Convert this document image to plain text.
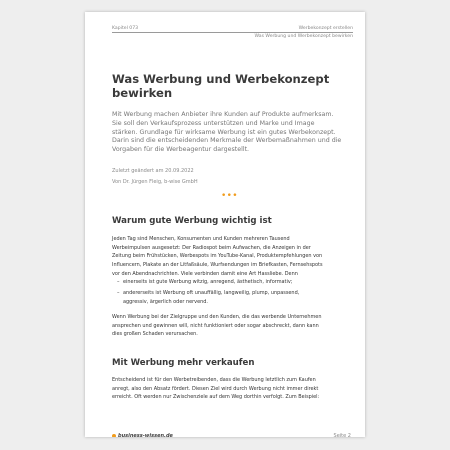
Kapitel 073	Werbekonzept erstellen
Was Werbung und Werbekonzept bewirken
Was Werbung und Werbekonzept
bewirken
Mit Werbung machen Anbieter ihre Kunden auf Produkte aufmerksam.
Sie soll den Verkaufsprozess unterstützen und Marke und Image
stärken. Grundlage für wirksame Werbung ist ein gutes Werbekonzept.
Darin sind die entscheidenden Merkmale der Werbemaßnahmen und die
Vorgaben für die Werbeagentur dargestellt.
Zuletzt geändert am 20.09.2022
Von Dr. Jürgen Fleig, b-wise GmbH
•••
Warum gute Werbung wichtig ist
Jeden Tag sind Menschen, Konsumenten und Kunden mehreren Tausend
Werbeimpulsen ausgesetzt: Der Radiospot beim Aufwachen, die Anzeigen in der
Zeitung beim Frühstücken, Werbespots im YouTube-Kanal, Produktempfehlungen von
Influencern, Plakate an der Litfaßsäule, Wurfsendungen im Briefkasten, Fernsehspots
vor den Abendnachrichten. Viele verbinden damit eine Art Hassliebe. Denn
– einerseits ist gute Werbung witzig, anregend, ästhetisch, informativ;
– andererseits ist Werbung oft unauffällig, langweilig, plump, unpassend,
aggressiv, ärgerlich oder nervend.
Wenn Werbung bei der Zielgruppe und den Kunden, die das werbende Unternehmen
ansprechen und gewinnen will, nicht funktioniert oder sogar abschreckt, dann kann
dies großen Schaden verursachen.
Mit Werbung mehr verkaufen
Entscheidend ist für den Werbetreibenden, dass die Werbung letztlich zum Kaufen
anregt, also den Absatz fördert. Diesen Ziel wird durch Werbung nicht immer direkt
erreicht. Oft werden nur Zwischenziele auf dem Weg dorthin verfolgt. Zum Beispiel:
business-wissen.de	Seite 2
